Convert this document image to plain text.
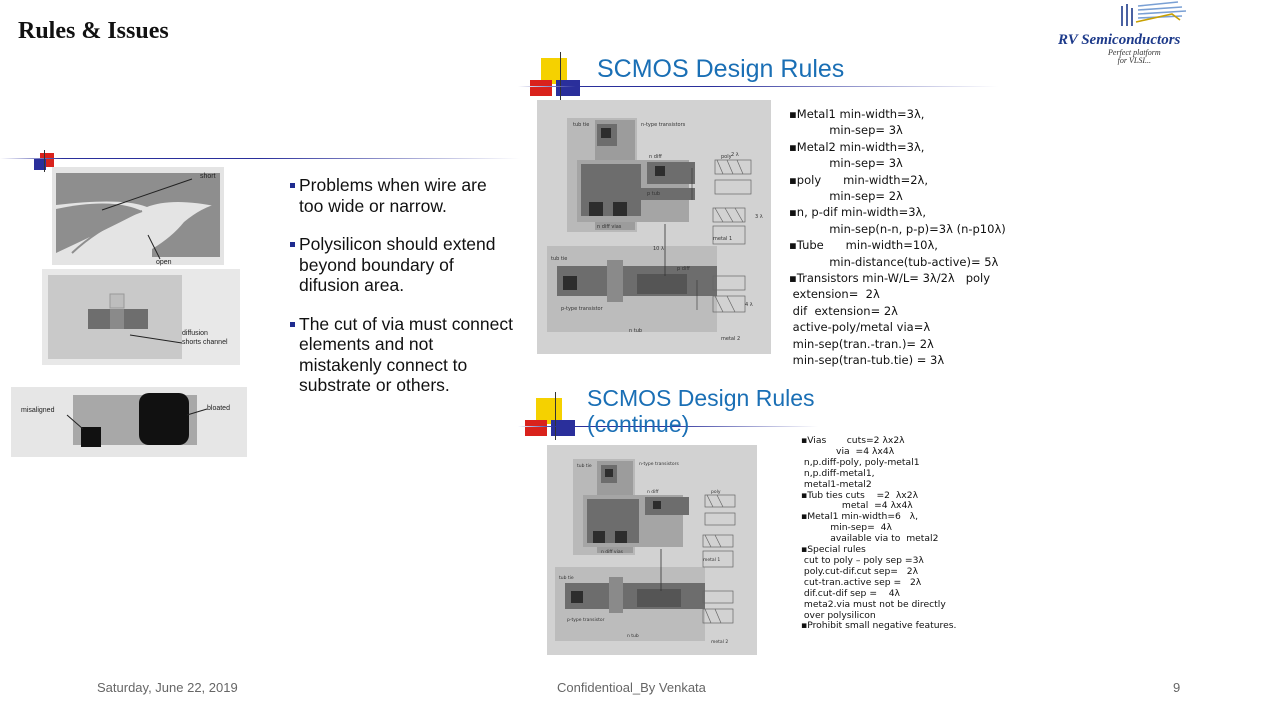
Rules & Issues	RV Semiconductors
Perfect platform
for VLSI...
short
open
diffusion
shorts channel
misaligned	bloated
Problems when wire are too wide or narrow.
Polysilicon should extend beyond boundary of difusion area.
The cut of via must connect elements and not mistakenly connect to substrate or others.
SCMOS Design Rules
tub tie	n-type transistors
n diff
p tub
n diff vias
poly
metal 1
tub tie
p diff
p-type transistor
n tub
metal 2
10 λ
2 λ
3 λ
4 λ
▪Metal1 min-width=3λ,
min-sep= 3λ
▪Metal2 min-width=3λ,
min-sep= 3λ
▪poly      min-width=2λ,
min-sep= 2λ
▪n, p-dif min-width=3λ,
min-sep(n-n, p-p)=3λ (n-p10λ)
▪Tube      min-width=10λ,
min-distance(tub-active)= 5λ
▪Transistors min-W/L= 3λ/2λ   poly
extension=  2λ
dif  extension= 2λ
active-poly/metal via=λ
min-sep(tran.-tran.)= 2λ
min-sep(tran-tub.tie) = 3λ
SCMOS Design Rules
(continue)
tub tie	n-type transistors
n diff
n diff vias
poly
metal 1
tub tie
p-type transistor
n tub
metal 2
▪Vias       cuts=2 λx2λ
via  =4 λx4λ
n,p.diff-poly, poly-metal1
n,p.diff-metal1,
metal1-metal2
▪Tub ties cuts    =2  λx2λ
metal  =4 λx4λ
▪Metal1 min-width=6   λ,
min-sep=  4λ
available via to  metal2
▪Special rules
cut to poly – poly sep =3λ
poly.cut-dif.cut sep=   2λ
cut-tran.active sep =   2λ
dif.cut-dif sep =    4λ
meta2.via must not be directly
over polysilicon
▪Prohibit small negative features.
Saturday, June 22, 2019	Confidentioal_By Venkata	9
